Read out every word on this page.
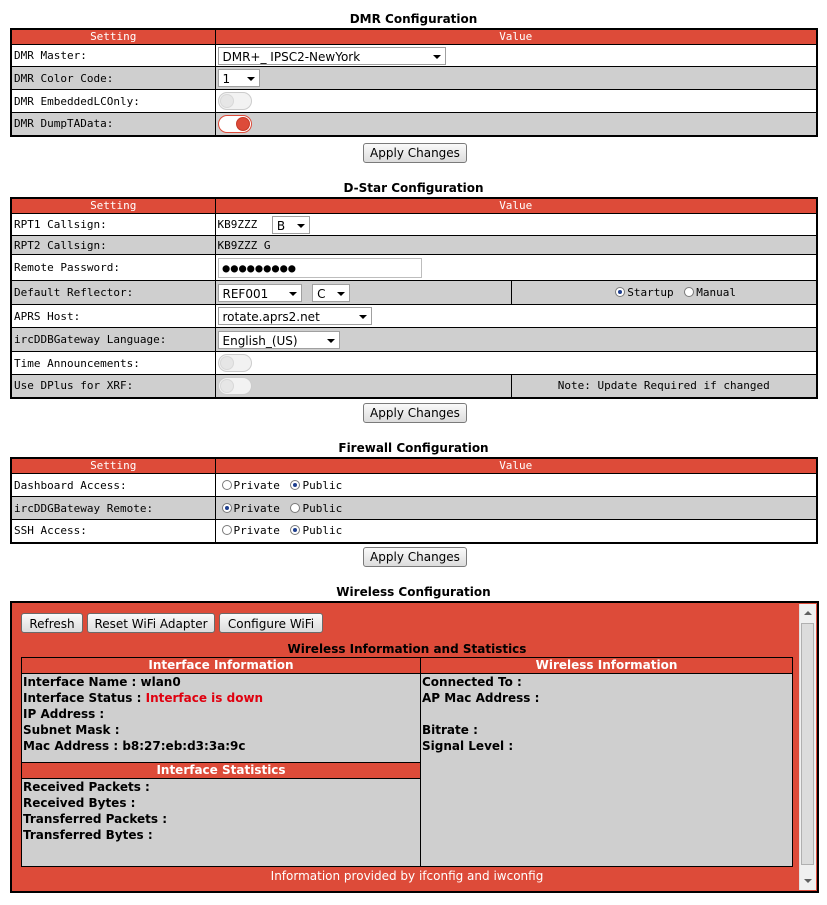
DMR Configuration
Setting	Value
DMR Master:	DMR+_ IPSC2-NewYork

DMR Color Code:	1

DMR EmbeddedLCOnly:	

DMR DumpTAData:	
Apply Changes
D-Star Configuration
Setting	Value	
RPT1 Callsign:	KB9ZZZ B	

RPT2 Callsign:	KB9ZZZ G	
Remote Password:	●●●●●●●●●	
Default Reflector:	REF001 C	Startup Manual
APRS Host:	rotate.aprs2.net	

ircDDBGateway Language:	English_(US)	

Time Announcements:		

Use DPlus for XRF:		Note: Update Required if changed
Apply Changes
Firewall Configuration
Setting	Value
Dashboard Access:	Private Public
ircDDGBateway Remote:	Private Public
SSH Access:	Private Public
Apply Changes
Wireless Configuration
Refresh	Reset WiFi Adapter	Configure WiFi
Wireless Information and Statistics
Interface Information
Interface Name : wlan0
Interface Status : Interface is down
IP Address :
Subnet Mask :
Mac Address : b8:27:eb:d3:3a:9c
Interface Statistics
Received Packets :
Received Bytes :
Transferred Packets :
Transferred Bytes :
Wireless Information
Connected To :
AP Mac Address :
Bitrate :
Signal Level :
Information provided by ifconfig and iwconfig
